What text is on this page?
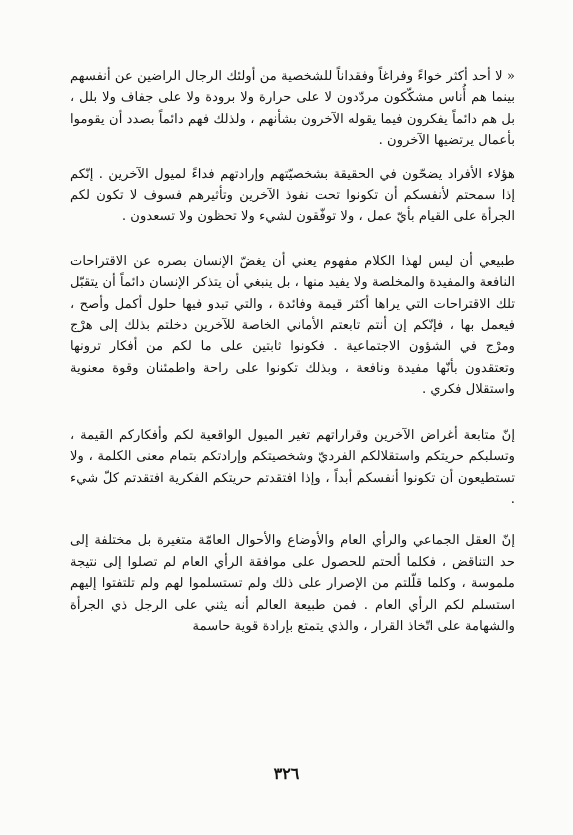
« لا أحد أكثر خواءً وفراغاً وفقداناً للشخصية من أولئك الرجال الراضين عن أنفسهم بينما هم أُناس مشكّكون مردّدون لا على حرارة ولا برودة ولا على جفاف ولا بلل ، بل هم دائماً يفكرون فيما يقوله الآخرون بشأنهم ، ولذلك فهم دائماً بصدد أن يقوموا بأعمال يرتضيها الآخرون .

هؤلاء الأفراد يضحّون في الحقيقة بشخصيّتهم وإرادتهم فداءً لميول الآخرين . إنّكم إذا سمحتم لأنفسكم أن تكونوا تحت نفوذ الآخرين وتأثيرهم فسوف لا تكون لكم الجرأة على القيام بأيّ عمل ، ولا توفّقون لشيء ولا تحظون ولا تسعدون .

طبيعي أن ليس لهذا الكلام مفهوم يعني أن يغضّ الإنسان بصره عن الاقتراحات النافعة والمفيدة والمخلصة ولا يفيد منها ، بل ينبغي أن يتذكر الإنسان دائماً أن يتقبّل تلك الاقتراحات التي يراها أكثر قيمة وفائدة ، والتي تبدو فيها حلول أكمل وأصح ، فيعمل بها ، فإنّكم إن أنتم تابعتم الأماني الخاصة للآخرين دخلتم بذلك إلى هرْج ومرْج في الشؤون الاجتماعية . فكونوا ثابتين على ما لكم من أفكار ترونها وتعتقدون بأنّها مفيدة ونافعة ، وبذلك تكونوا على راحة واطمئنان وقوة معنوية واستقلال فكري .

إنّ متابعة أغراض الآخرين وقراراتهم تغير الميول الواقعية لكم وأفكاركم القيمة ، وتسلبكم حريتكم واستقلالكم الفرديّ وشخصيتكم وإرادتكم بتمام معنى الكلمة ، ولا تستطيعون أن تكونوا أنفسكم أبداً ، وإذا افتقدتم حريتكم الفكرية افتقدتم كلّ شيء .

إنّ العقل الجماعي والرأي العام والأوضاع والأحوال العامّة متغيرة بل مختلفة إلى حد التناقض ، فكلما ألحتم للحصول على موافقة الرأي العام لم تصلوا إلى نتيجة ملموسة ، وكلما قلّلتم من الإصرار على ذلك ولم تستسلموا لهم ولم تلتفتوا إليهم استسلم لكم الرأي العام . فمن طبيعة العالم أنه يثني على الرجل ذي الجرأة والشهامة على اتّخاذ القرار ، والذي يتمتع بإرادة قوية حاسمة

٣٢٦
